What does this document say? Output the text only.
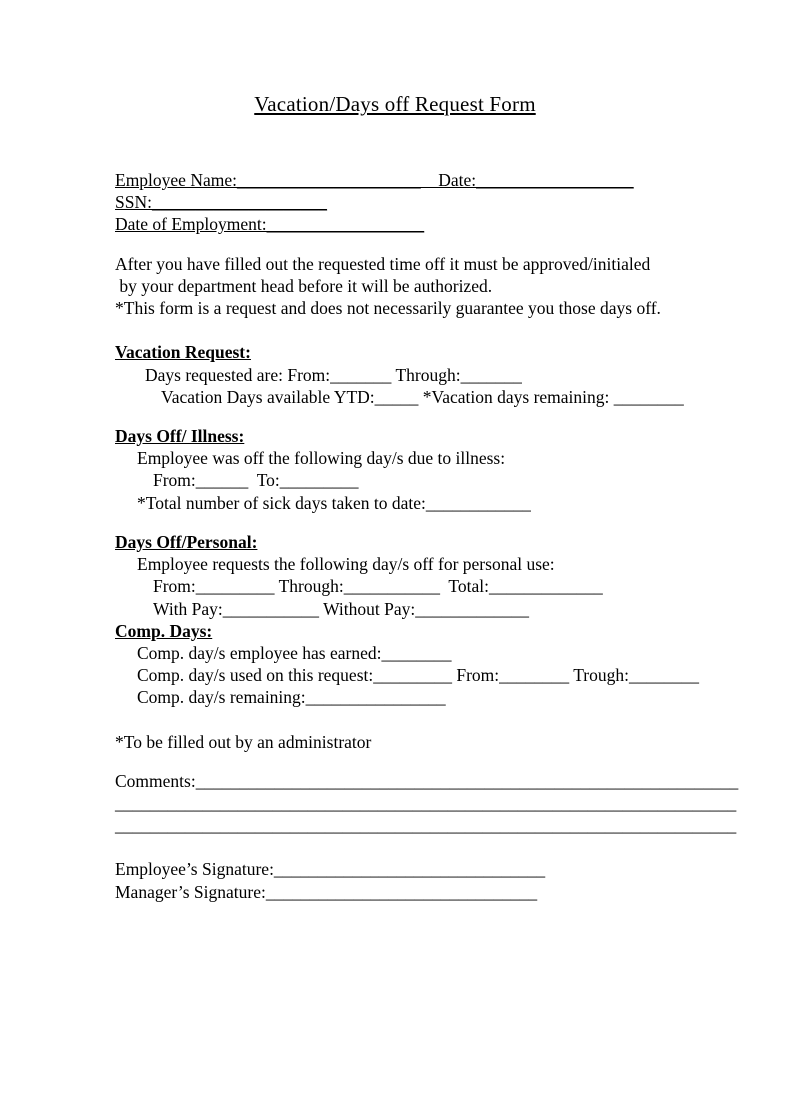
Vacation/Days off Request Form
Employee Name:_____________________    Date:__________________
SSN:____________________
Date of Employment:__________________
After you have filled out the requested time off it must be approved/initialed
by your department head before it will be authorized.
*This form is a request and does not necessarily guarantee you those days off.
Vacation Request:
Days requested are: From:_______ Through:_______
Vacation Days available YTD:_____ *Vacation days remaining: ________
Days Off/ Illness:
Employee was off the following day/s due to illness:
From:______  To:_________
*Total number of sick days taken to date:____________
Days Off/Personal:
Employee requests the following day/s off for personal use:
From:_________ Through:___________  Total:_____________
With Pay:___________ Without Pay:_____________
Comp. Days:
Comp. day/s employee has earned:________
Comp. day/s used on this request:_________ From:________ Trough:________
Comp. day/s remaining:________________
*To be filled out by an administrator
Comments:______________________________________________________________
_______________________________________________________________________
_______________________________________________________________________
Employee’s Signature:_______________________________
Manager’s Signature:_______________________________
